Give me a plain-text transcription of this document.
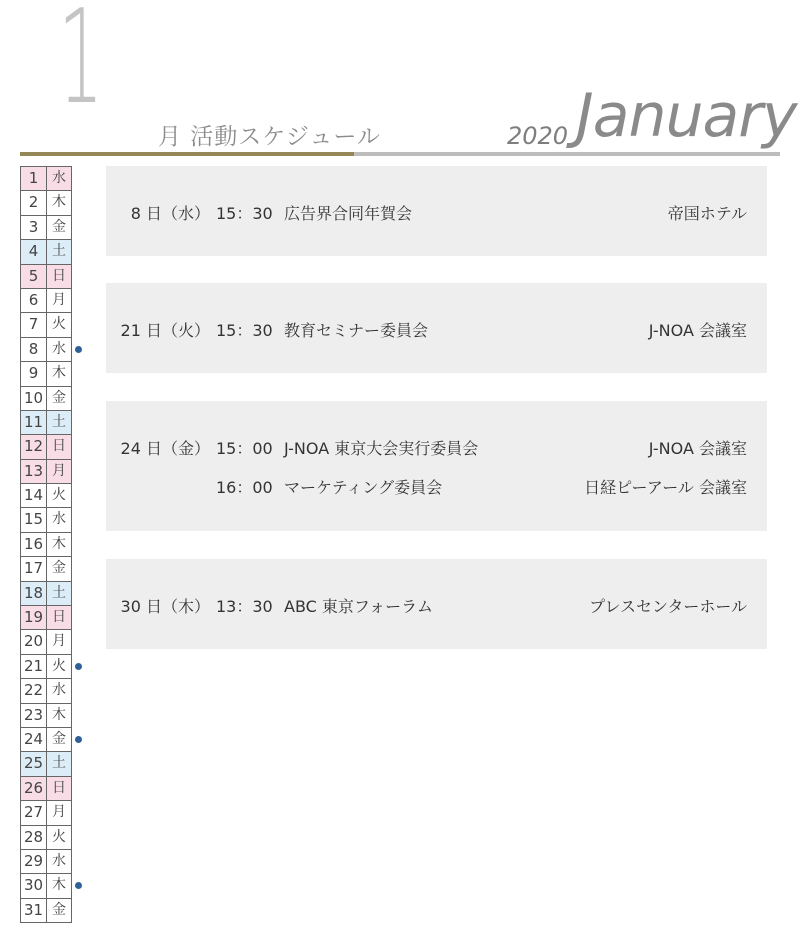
1
月 活動スケジュール	2020 January
1 水
2 木
3 金
4 土
5 日
6 月
7 火
8 水
9 木
10 金
11 土
12 日
13 月
14 火
15 水
16 木
17 金
18 土
19 日
20 月
21 火
22 水
23 木
24 金
25 土
26 日
27 月
28 火
29 水
30 木
31 金
8 日（水） 15：30 広告界合同年賀会	帝国ホテル
21 日（火） 15：30 教育セミナー委員会	J-NOA 会議室
24 日（金） 15：00 J-NOA 東京大会実行委員会	J-NOA 会議室
16：00 マーケティング委員会	日経ピーアール 会議室
30 日（木） 13：30 ABC 東京フォーラム	プレスセンターホール
